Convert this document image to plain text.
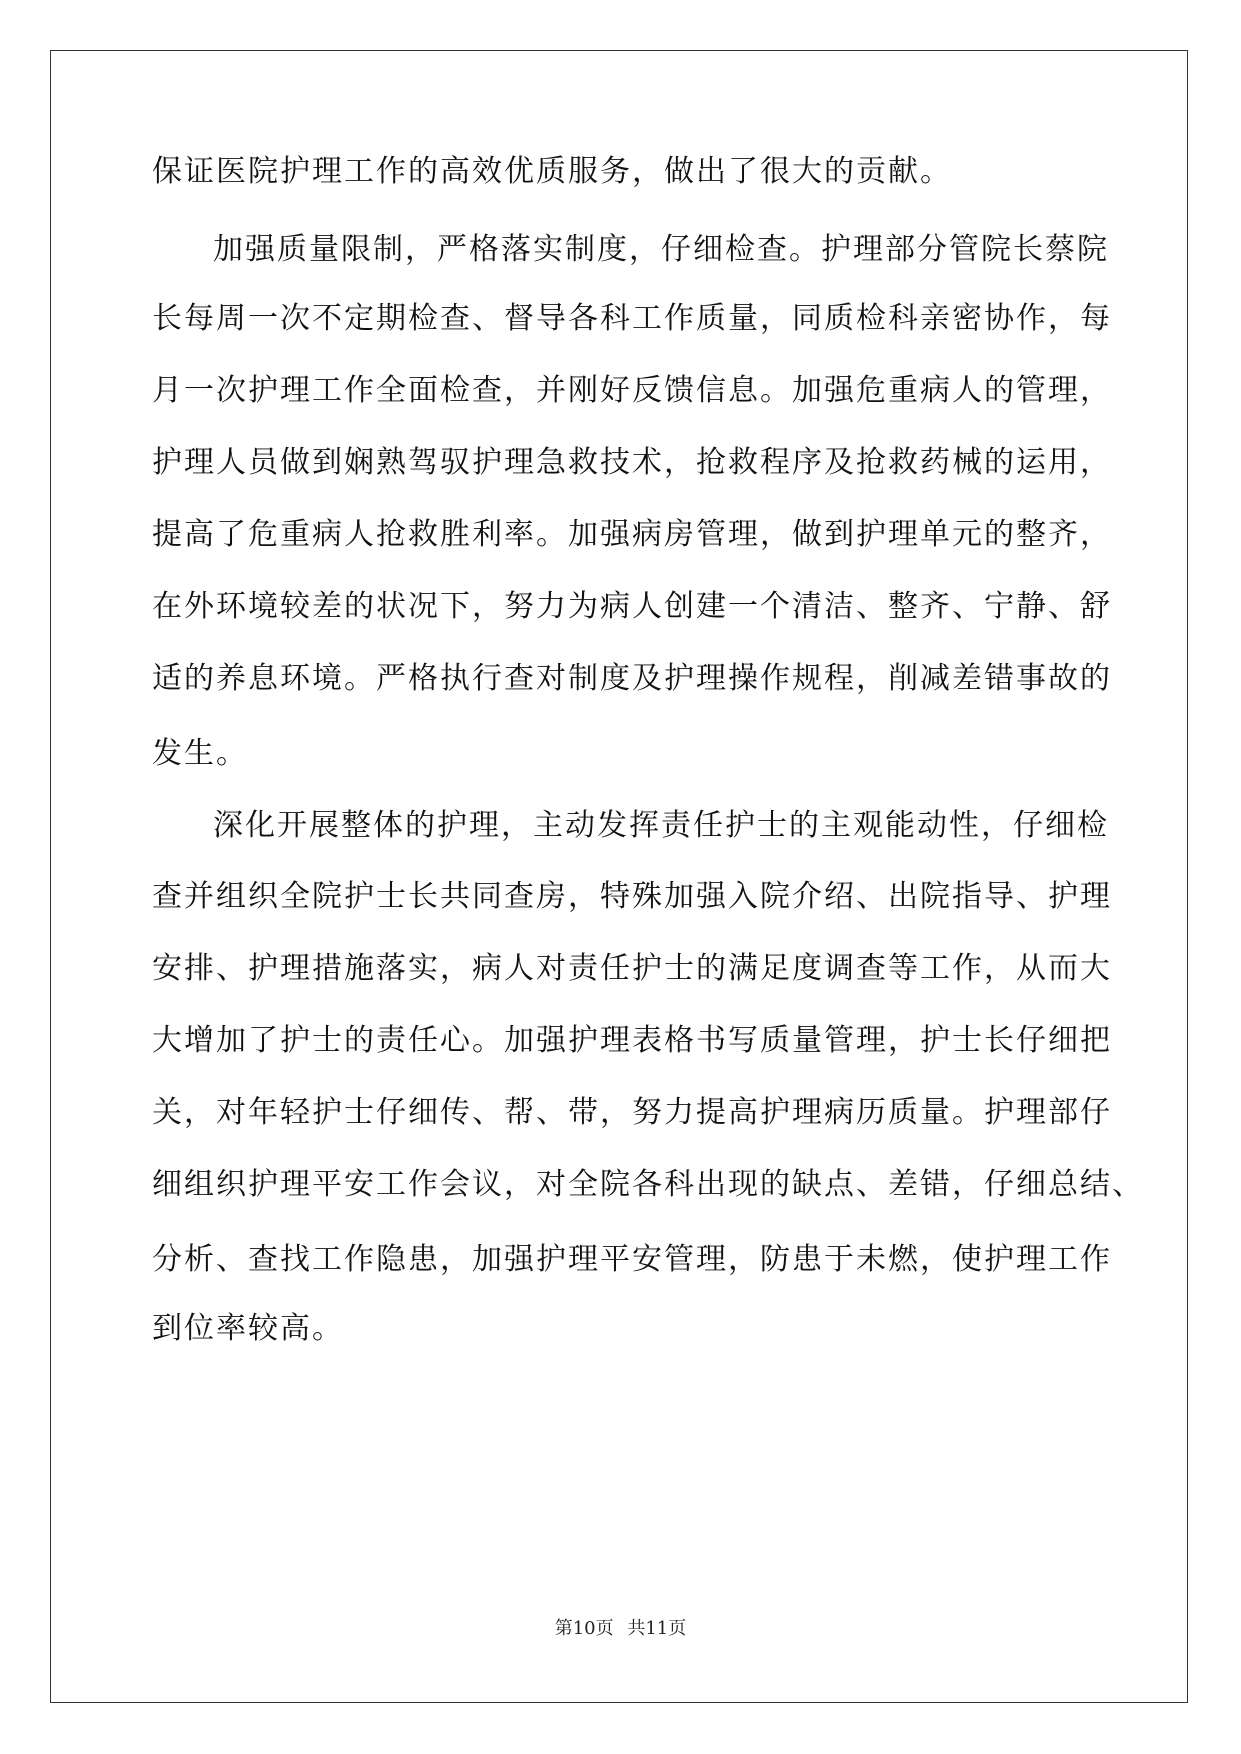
保证医院护理工作的高效优质服务，做出了很大的贡献。
加强质量限制，严格落实制度，仔细检查。护理部分管院长蔡院
长每周一次不定期检查、督导各科工作质量，同质检科亲密协作，每
月一次护理工作全面检查，并刚好反馈信息。加强危重病人的管理，
护理人员做到娴熟驾驭护理急救技术，抢救程序及抢救药械的运用，
提高了危重病人抢救胜利率。加强病房管理，做到护理单元的整齐，
在外环境较差的状况下，努力为病人创建一个清洁、整齐、宁静、舒
适的养息环境。严格执行查对制度及护理操作规程，削减差错事故的
发生。
深化开展整体的护理，主动发挥责任护士的主观能动性，仔细检
查并组织全院护士长共同查房，特殊加强入院介绍、出院指导、护理
安排、护理措施落实，病人对责任护士的满足度调查等工作，从而大
大增加了护士的责任心。加强护理表格书写质量管理，护士长仔细把
关，对年轻护士仔细传、帮、带，努力提高护理病历质量。护理部仔
细组织护理平安工作会议，对全院各科出现的缺点、差错，仔细总结、
分析、查找工作隐患，加强护理平安管理，防患于未燃，使护理工作
到位率较高。
第10页 共11页
